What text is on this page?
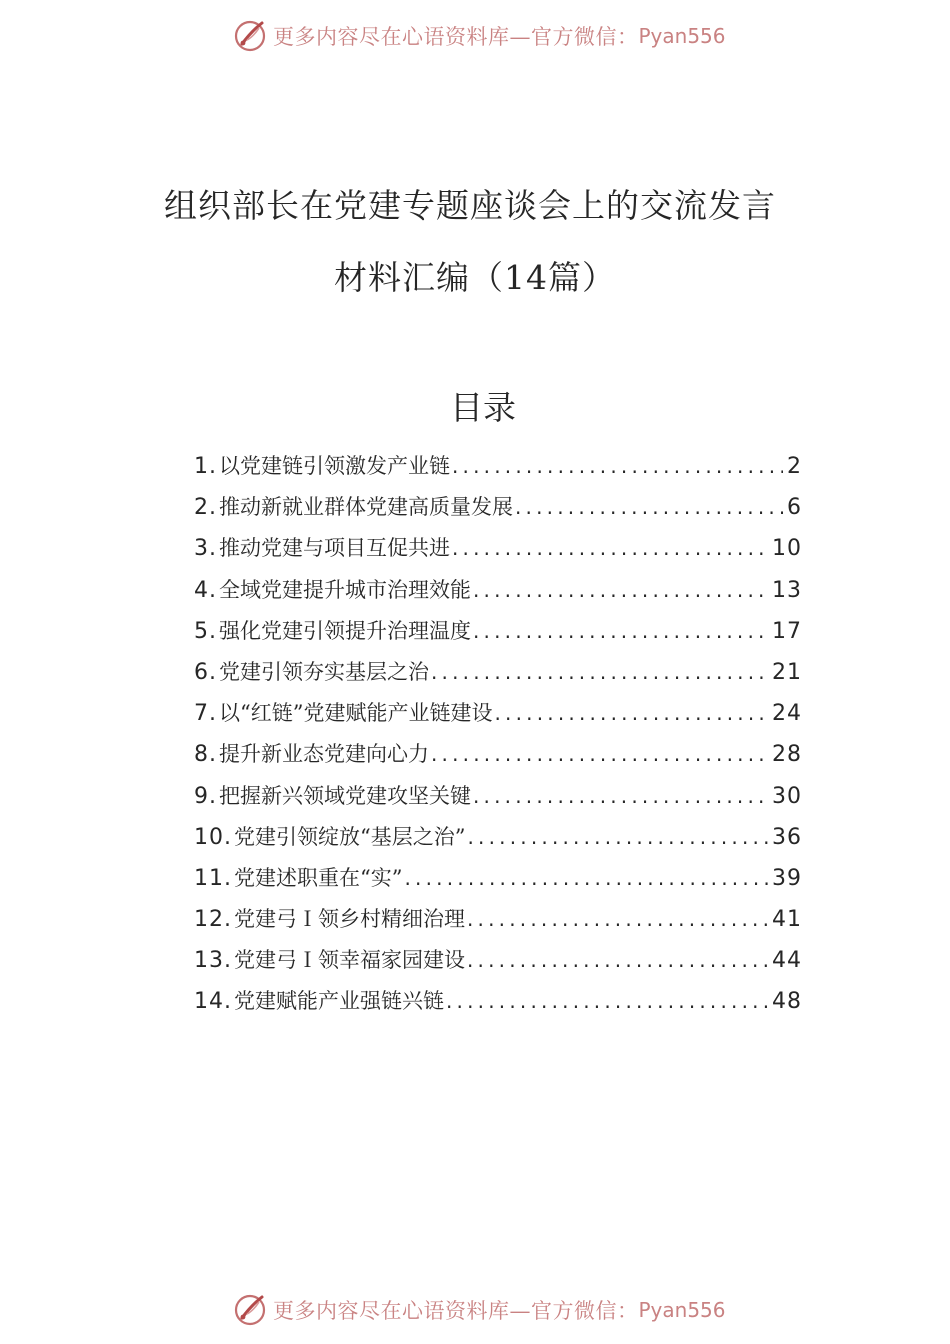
更多内容尽在心语资料库—官方微信： Pyan556
组织部长在党建专题座谈会上的交流发言
材料汇编（14篇）
目录
1 . 以党建链引领激发产业链 .....	2
2 . 推动新就业群体党建高质量发展 .....	6
3 . 推动党建与项目互促共进 .....	10
4 . 全域党建提升城市治理效能 .....	13
5 . 强化党建引领提升治理温度 .....	17
6 . 党建引领夯实基层之治 .....	21
7 . 以“红链”党建赋能产业链建设 .....	24
8 . 提升新业态党建向心力 .....	28
9 . 把握新兴领域党建攻坚关键 .....	30
10 . 党建引领绽放“基层之治” .....	36
11 . 党建述职重在“实” .....	39
12 . 党建弓Ｉ领乡村精细治理 .....	41
13 . 党建弓Ｉ领幸福家园建设 .....	44
14 . 党建赋能产业强链兴链 .....	48
更多内容尽在心语资料库—官方微信： Pyan556
